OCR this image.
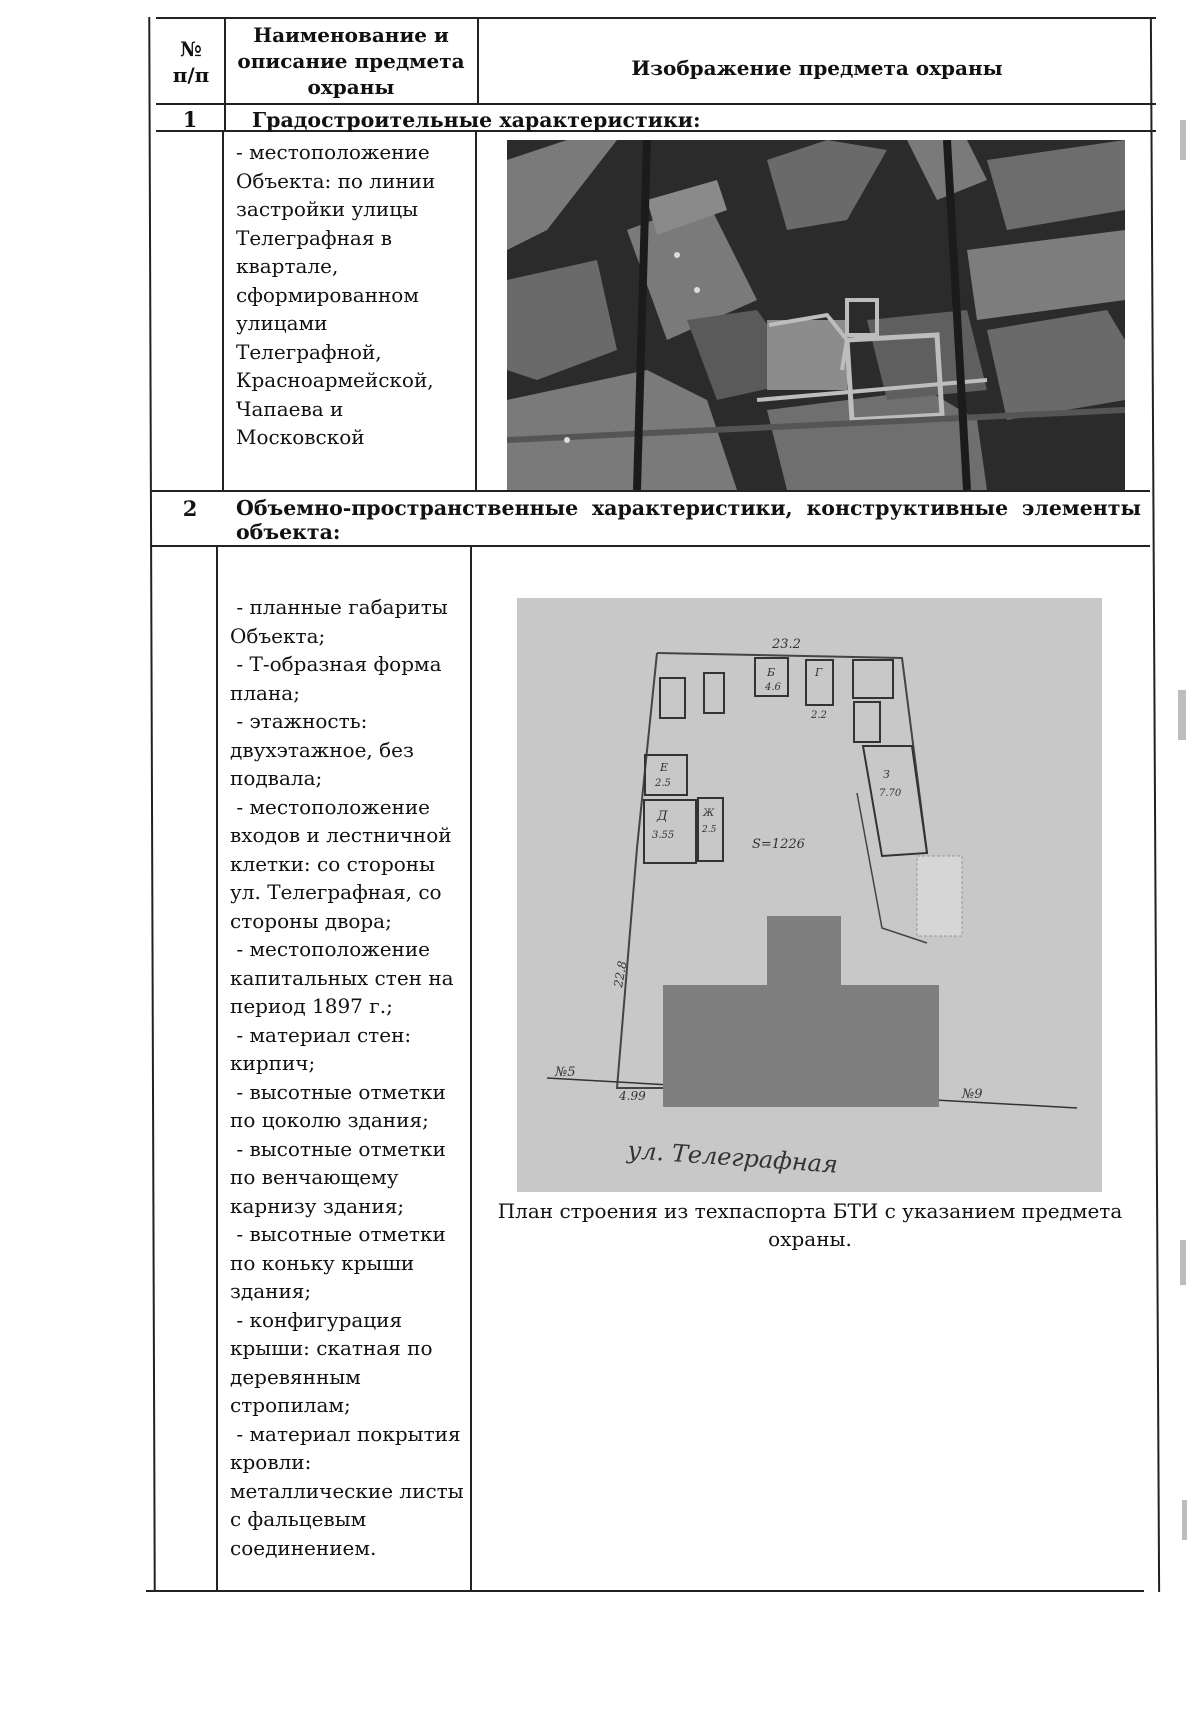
№ п/п
Наименование и описание предмета охраны
Изображение предмета охраны
1	Градостроительные характеристики:
- местоположение Объекта: по линии застройки улицы Телеграфная в квартале, сформированном улицами Телеграфной, Красноармейской, Чапаева и Московской
2	Объемно-пространственные характеристики, конструктивные элементы
объекта:
- планные габариты Объекта;
- Т-образная форма плана;
- этажность: двухэтажное, без подвала;
- местоположение входов и лестничной клетки: со стороны ул. Телеграфная, со стороны двора;
- местоположение капитальных стен на период 1897 г.;
- материал стен: кирпич;
- высотные отметки по цоколю здания;
- высотные отметки по венчающему карнизу здания;
- высотные отметки по коньку крыши здания;
- конфигурация крыши: скатная по деревянным стропилам;
- материал покрытия кровли: металлические листы с фальцевым соединением.
23.2
S=1226
22.8
4.99
№5
№9
ул. Телеграфная
Б
4.6
Г
2.2
Е
2.5
Д
3.55
З
7.70
Ж
2.5
План строения из техпаспорта БТИ с указанием предмета охраны.
